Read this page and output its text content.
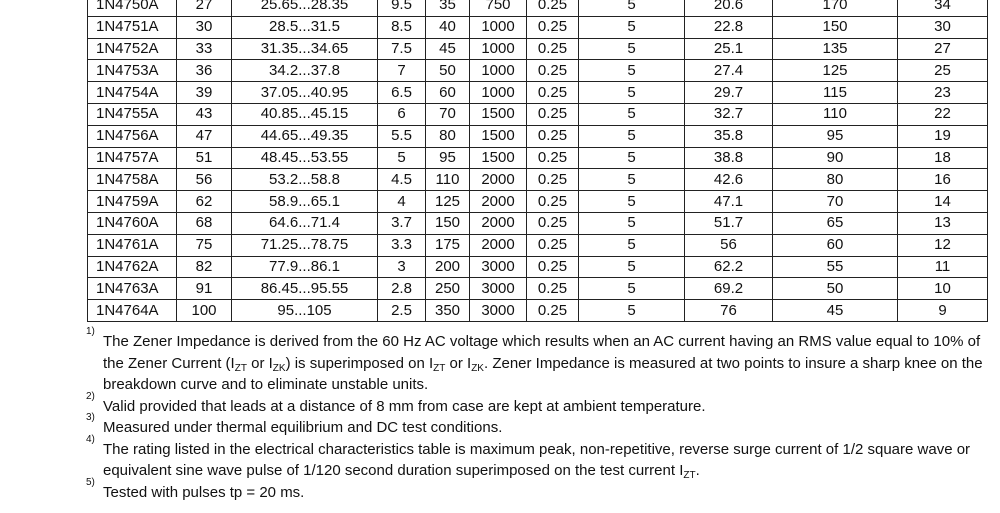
1N4750A	27	25.65...28.35	9.5	35	750	0.25	5	20.6	170	34
1N4751A	30	28.5...31.5	8.5	40	1000	0.25	5	22.8	150	30
1N4752A	33	31.35...34.65	7.5	45	1000	0.25	5	25.1	135	27
1N4753A	36	34.2...37.8	7	50	1000	0.25	5	27.4	125	25
1N4754A	39	37.05...40.95	6.5	60	1000	0.25	5	29.7	115	23
1N4755A	43	40.85...45.15	6	70	1500	0.25	5	32.7	110	22
1N4756A	47	44.65...49.35	5.5	80	1500	0.25	5	35.8	95	19
1N4757A	51	48.45...53.55	5	95	1500	0.25	5	38.8	90	18
1N4758A	56	53.2...58.8	4.5	110	2000	0.25	5	42.6	80	16
1N4759A	62	58.9...65.1	4	125	2000	0.25	5	47.1	70	14
1N4760A	68	64.6...71.4	3.7	150	2000	0.25	5	51.7	65	13
1N4761A	75	71.25...78.75	3.3	175	2000	0.25	5	56	60	12
1N4762A	82	77.9...86.1	3	200	3000	0.25	5	62.2	55	11
1N4763A	91	86.45...95.55	2.8	250	3000	0.25	5	69.2	50	10
1N4764A	100	95...105	2.5	350	3000	0.25	5	76	45	9
1)
The Zener Impedance is derived from the 60 Hz AC voltage which results when an AC current having an RMS value equal to 10% of the Zener Current ($I_{ZT}$ or $I_{ZK}$) is superimposed on $I_{ZT}$ or $I_{ZK}$. Zener Impedance is measured at two points to insure a sharp knee on the breakdown curve and to eliminate unstable units.
2)
Valid provided that leads at a distance of 8 mm from case are kept at ambient temperature.
3)
Measured under thermal equilibrium and DC test conditions.
4)
The rating listed in the electrical characteristics table is maximum peak, non-repetitive, reverse surge current of 1/2 square wave or equivalent sine wave pulse of 1/120 second duration superimposed on the test current $I_{ZT}$.
5)
Tested with pulses tp = 20 ms.
